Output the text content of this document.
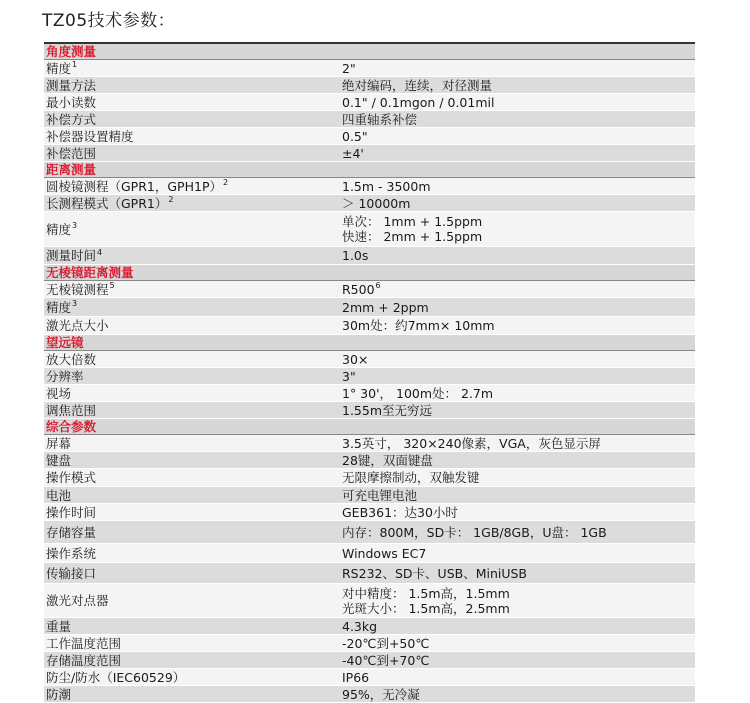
TZ05技术参数：
角度测量
精度$^1$	2"
测量方法	绝对编码，连续，对径测量
最小读数	0.1" / 0.1mgon / 0.01mil
补偿方式	四重轴系补偿
补偿器设置精度	0.5"
补偿范围	±4'
距离测量
圆棱镜测程（GPR1，GPH1P）$^2$	1.5m - 3500m
长测程模式$(GPR1)^2$	＞ 10000m
精度$^3$	单次： 1mm + 1.5ppm
快速： 2mm + 1.5ppm
测量时间$^4$	1.0s
无棱镜距离测量
无棱镜测程$^5$	$R500^6$
精度$^3$	2mm + 2ppm
激光点大小	30m处：约7mm× 10mm
望远镜
放大倍数	30×
分辨率	3"
视场	1° 30'， 100m处： 2.7m
调焦范围	1.55m至无穷远
综合参数
屏幕	3.5英寸， 320×240像素，VGA，灰色显示屏
键盘	28键，双面键盘
操作模式	无限摩擦制动，双触发键
电池	可充电锂电池
操作时间	GEB361：达30小时
存储容量	内存：800M，SD卡： 1GB/8GB，U盘： 1GB
操作系统	Windows EC7
传输接口	RS232、SD卡、USB、MiniUSB
激光对点器	对中精度： 1.5m高，1.5mm
光斑大小： 1.5m高，2.5mm
重量	4.3kg
工作温度范围	-20℃到+50℃
存储温度范围	-40℃到+70℃
防尘/防水（IEC60529）	IP66
防潮	95%，无冷凝
